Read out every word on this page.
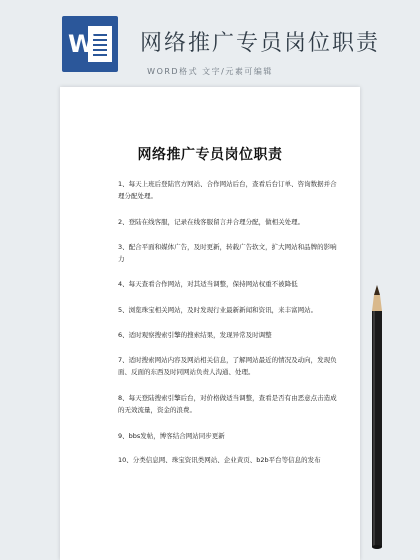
W 网络推广专员岗位职责
WORD格式 文字/元素可编辑
网络推广专员岗位职责
1、每天上班后登陆官方网站、合作网站后台，查看后台订单、咨询数据并合理分配处理。
2、登陆在线客服，记录在线客服留言并合理分配，做相关处理。
3、配合平面和媒体广告，及时更新，转载广告软文，扩大网站和品牌的影响力
4、每天查看合作网站，对其适当调整，保持网站权重不被降低
5、浏览珠宝相关网站，及时发现行业最新新闻和资讯，来丰富网站。
6、适时观察搜索引擎的搜索结果，发现异常及时调整
7、适时搜索网站内容及网站相关信息，了解网站最近的情况及动向，发现负面、反面的东西及时同网站负责人沟通、处理。
8、每天登陆搜索引擎后台，对价格做适当调整，查看是否有由恶意点击造成的无效流量，资金的浪费。
9、bbs发帖，博客结合网站同步更新
10、分类信息网、珠宝资讯类网站、企业黄页、b2b平台等信息的发布
